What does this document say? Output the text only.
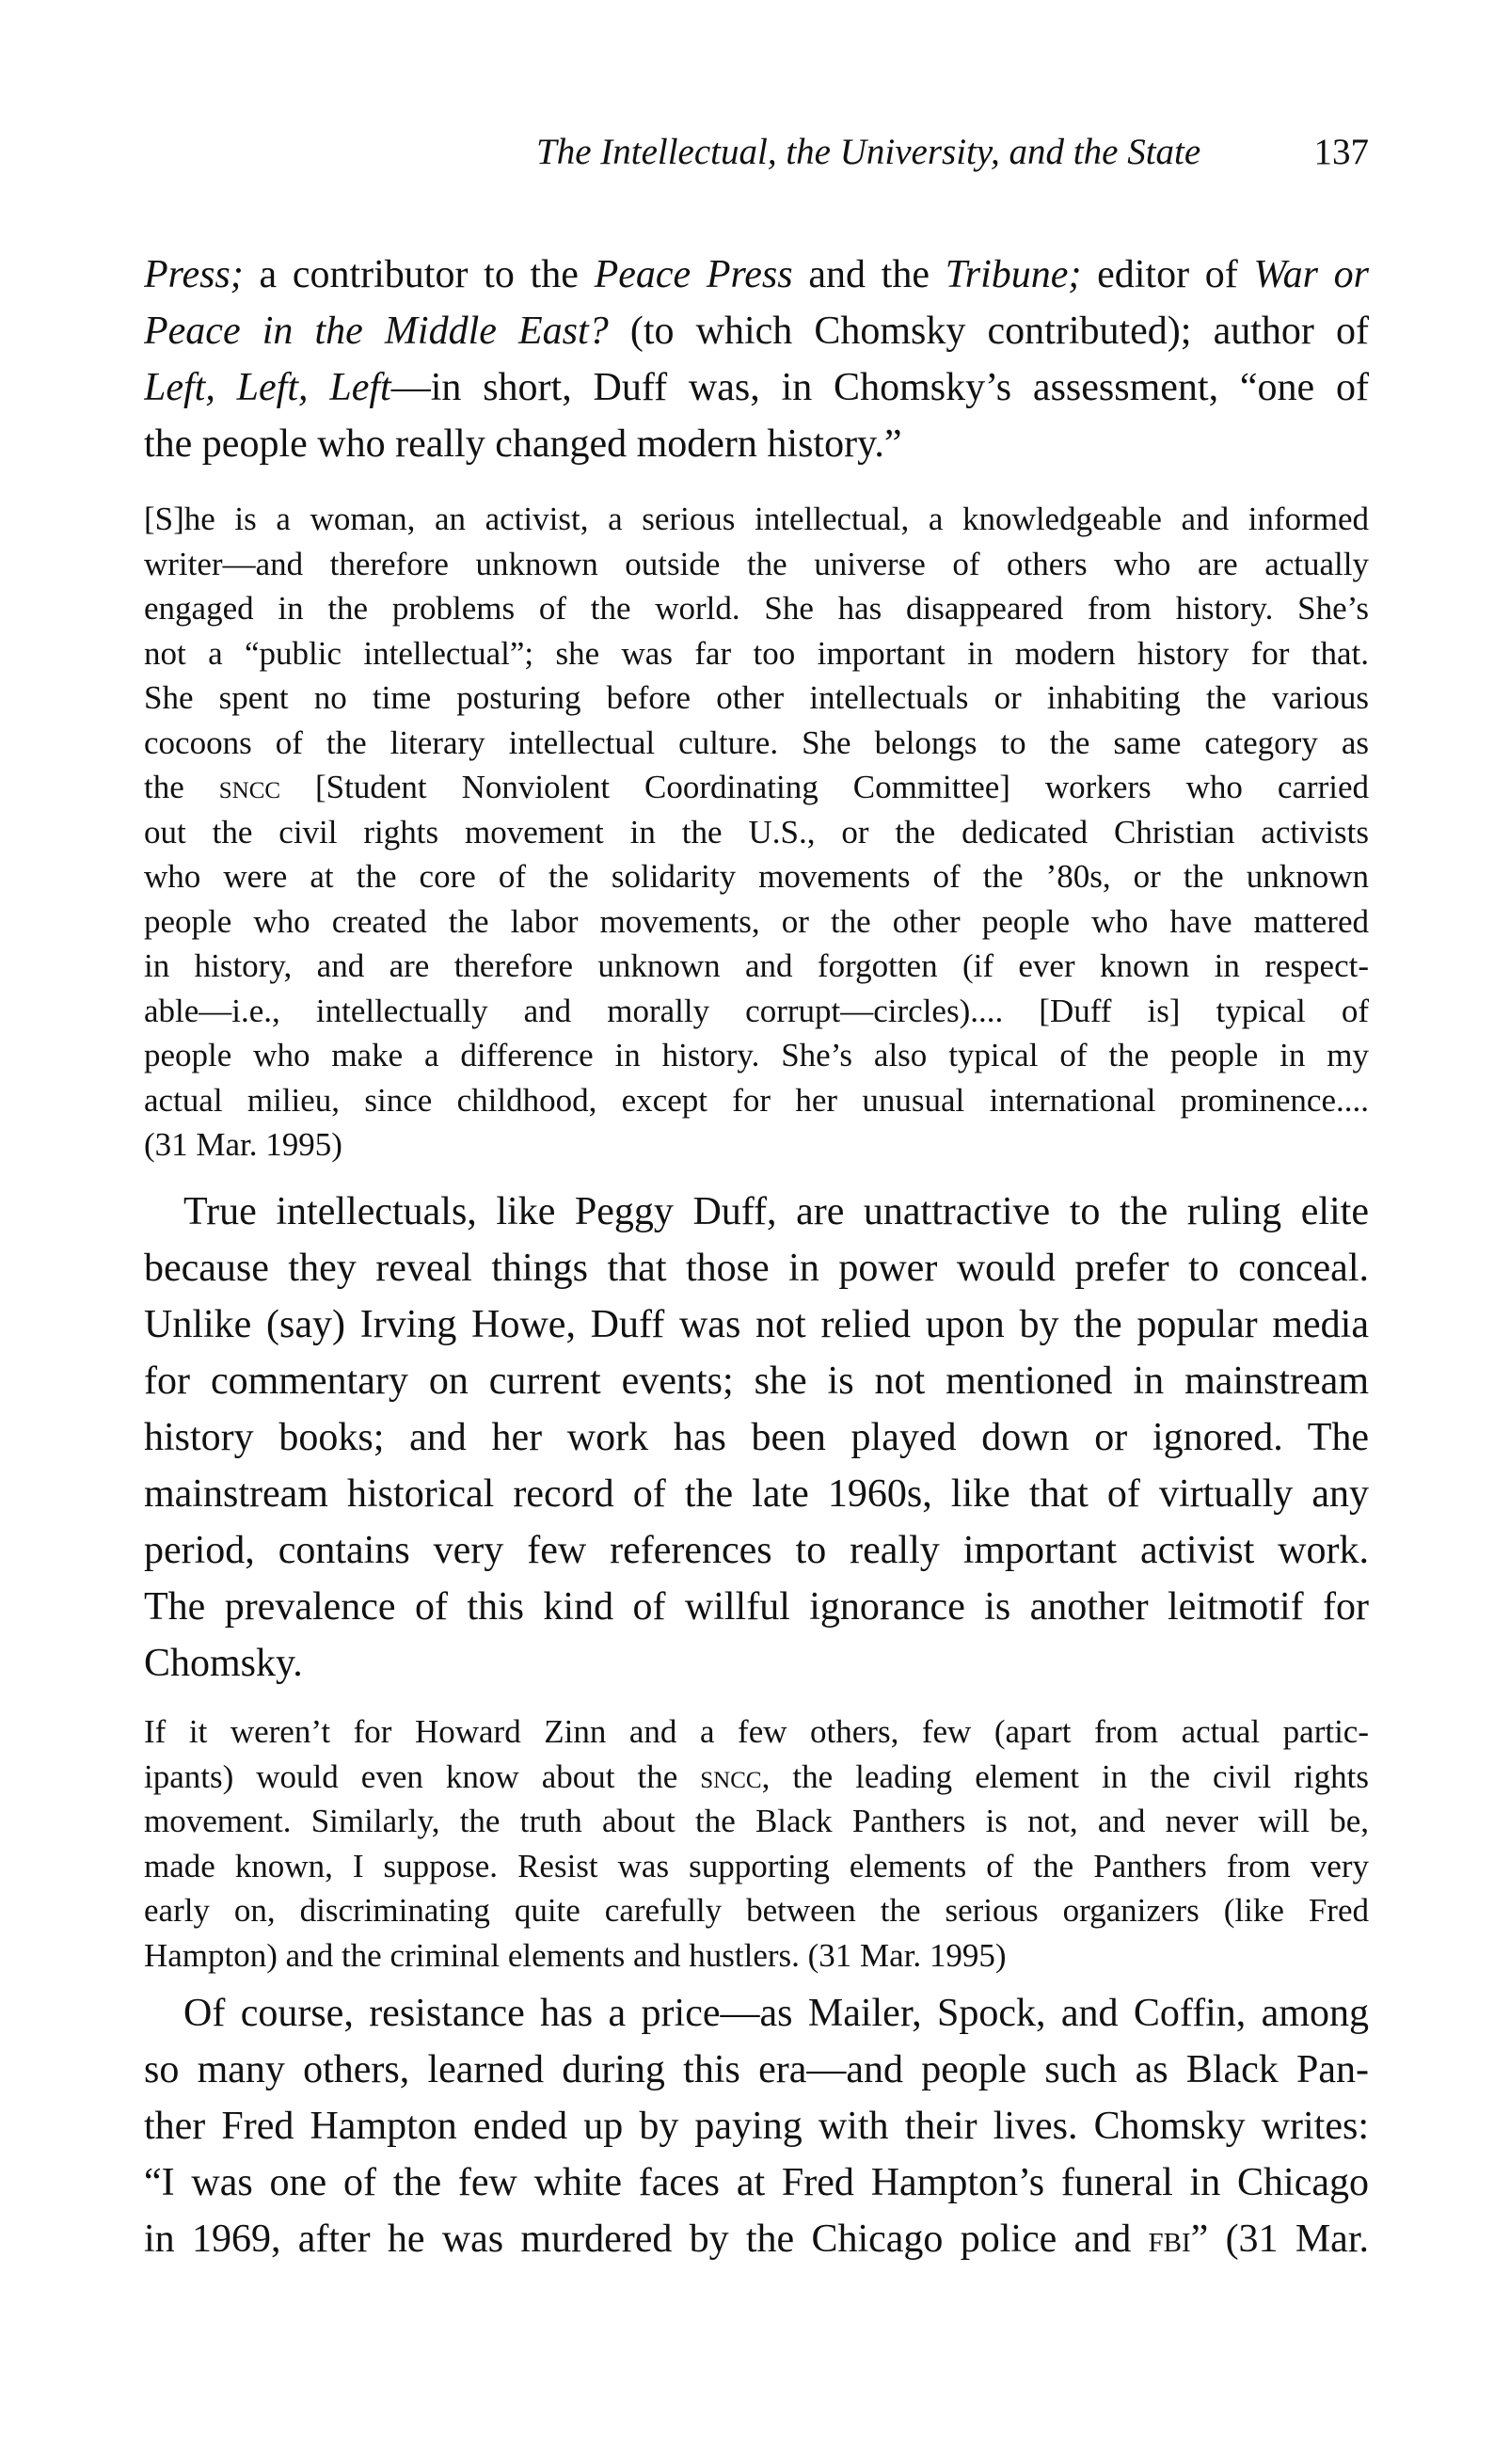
The Intellectual, the University, and the State	137
Press; a contributor to the Peace Press and the Tribune; editor of War or
Peace in the Middle East? (to which Chomsky contributed); author of
Left, Left, Left—in short, Duff was, in Chomsky’s assessment, “one of
the people who really changed modern history.”
[S]he is a woman, an activist, a serious intellectual, a knowledgeable and informed
writer—and therefore unknown outside the universe of others who are actually
engaged in the problems of the world. She has disappeared from history. She’s
not a “public intellectual”; she was far too important in modern history for that.
She spent no time posturing before other intellectuals or inhabiting the various
cocoons of the literary intellectual culture. She belongs to the same category as
the sncc [Student Nonviolent Coordinating Committee] workers who carried
out the civil rights movement in the U.S., or the dedicated Christian activists
who were at the core of the solidarity movements of the ’80s, or the unknown
people who created the labor movements, or the other people who have mattered
in history, and are therefore unknown and forgotten (if ever known in respect-
able—i.e., intellectually and morally corrupt—circles).... [Duff is] typical of
people who make a difference in history. She’s also typical of the people in my
actual milieu, since childhood, except for her unusual international prominence....
(31 Mar. 1995)
True intellectuals, like Peggy Duff, are unattractive to the ruling elite
because they reveal things that those in power would prefer to conceal.
Unlike (say) Irving Howe, Duff was not relied upon by the popular media
for commentary on current events; she is not mentioned in mainstream
history books; and her work has been played down or ignored. The
mainstream historical record of the late 1960s, like that of virtually any
period, contains very few references to really important activist work.
The prevalence of this kind of willful ignorance is another leitmotif for
Chomsky.
If it weren’t for Howard Zinn and a few others, few (apart from actual partic-
ipants) would even know about the sncc, the leading element in the civil rights
movement. Similarly, the truth about the Black Panthers is not, and never will be,
made known, I suppose. Resist was supporting elements of the Panthers from very
early on, discriminating quite carefully between the serious organizers (like Fred
Hampton) and the criminal elements and hustlers. (31 Mar. 1995)
Of course, resistance has a price—as Mailer, Spock, and Coffin, among
so many others, learned during this era—and people such as Black Pan-
ther Fred Hampton ended up by paying with their lives. Chomsky writes:
“I was one of the few white faces at Fred Hampton’s funeral in Chicago
in 1969, after he was murdered by the Chicago police and fbi” (31 Mar.
